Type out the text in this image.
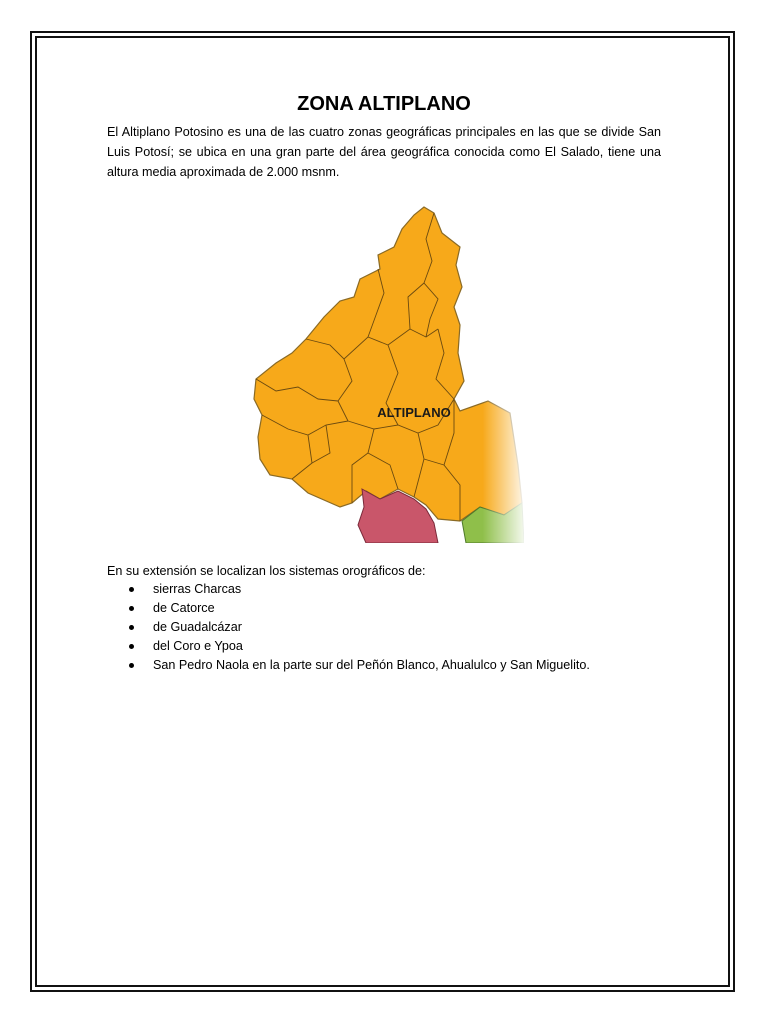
ZONA ALTIPLANO

El Altiplano Potosino es una de las cuatro zonas geográficas principales en las que se divide San Luis Potosí; se ubica en una gran parte del área geográfica conocida como El Salado, tiene una altura media aproximada de 2.000 msnm.

ALTIPLANO

En su extensión se localizan los sistemas orográficos de:

sierras Charcas
de Catorce
de Guadalcázar
del Coro e Ypoa
San Pedro Naola en la parte sur del Peñón Blanco, Ahualulco y San Miguelito.
